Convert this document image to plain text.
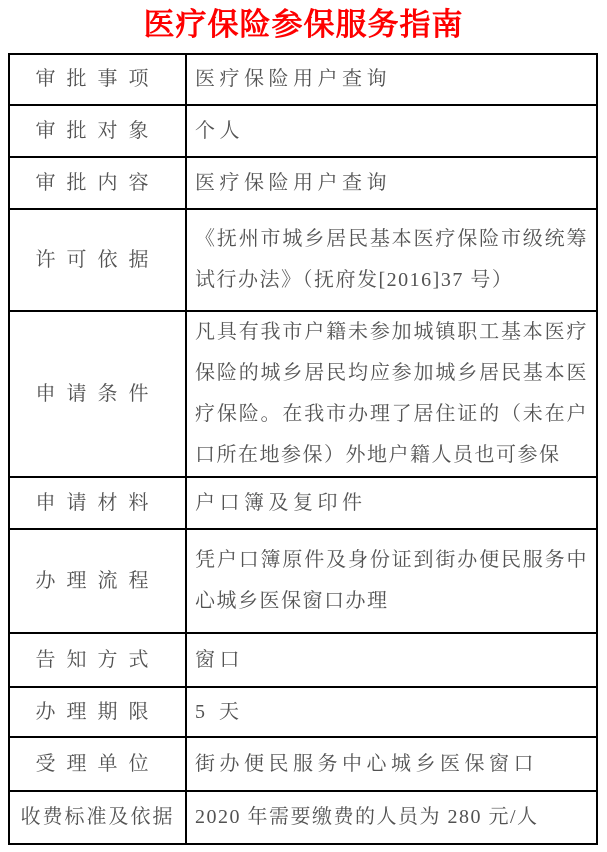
医疗保险参保服务指南
审批事项	医疗保险用户查询
审批对象	个人
审批内容	医疗保险用户查询
许可依据	《抚州市城乡居民基本医疗保险市级统筹试行办法》（抚府发[2016]37 号）
申请条件	凡具有我市户籍未参加城镇职工基本医疗保险的城乡居民均应参加城乡居民基本医疗保险。在我市办理了居住证的（未在户口所在地参保）外地户籍人员也可参保
申请材料	户口簿及复印件
办理流程	凭户口簿原件及身份证到街办便民服务中心城乡医保窗口办理
告知方式	窗口
办理期限	5 天
受理单位	街办便民服务中心城乡医保窗口
收费标准及依据	2020 年需要缴费的人员为 280 元/人
